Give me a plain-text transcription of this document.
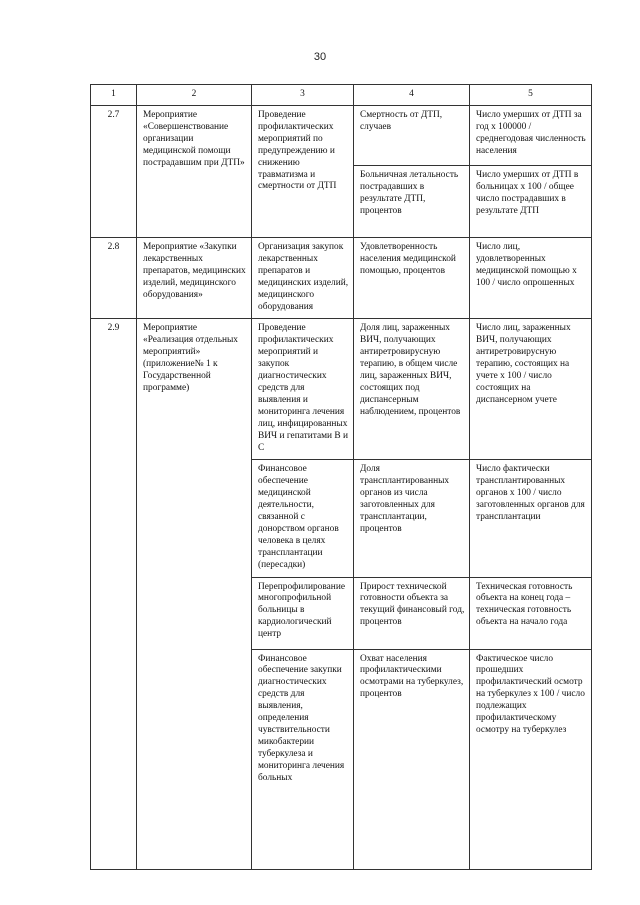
30
1	2	3	4	5
2.7	Мероприятие «Совершенствование организации медицинской помощи пострадавшим при ДТП»	Проведение профилактических мероприятий по предупреждению и снижению травматизма и смертности от ДТП	Смертность от ДТП, случаев	Число умерших от ДТП за год х 100000 / среднегодовая численность населения
			Больничная летальность пострадавших в результате ДТП, процентов	Число умерших от ДТП в больницах х 100 / общее число пострадавших в результате ДТП
2.8	Мероприятие «Закупки лекарственных препаратов, медицинских изделий, медицинского оборудования»	Организация закупок лекарственных препаратов и медицинских изделий, медицинского оборудования	Удовлетворенность населения медицинской помощью, процентов	Число лиц, удовлетворенных медицинской помощью х 100 / число опрошенных
2.9	Мероприятие «Реализация отдельных мероприятий» (приложение№ 1 к Государственной программе)	Проведение профилактических мероприятий и закупок диагностических средств для выявления и мониторинга лечения лиц, инфицированных ВИЧ и гепатитами В и С	Доля лиц, зараженных ВИЧ, получающих антиретровирусную терапию, в общем числе лиц, зараженных ВИЧ, состоящих под диспансерным наблюдением, процентов	Число лиц, зараженных ВИЧ, получающих антиретровирусную терапию, состоящих на учете х 100 / число состоящих на диспансерном учете
		Финансовое обеспечение медицинской деятельности, связанной с донорством органов человека в целях трансплантации (пересадки)	Доля трансплантированных органов из числа заготовленных для трансплантации, процентов	Число фактически трансплантированных органов х 100 / число заготовленных органов для трансплантации
		Перепрофилирование многопрофильной больницы в кардиологический центр	Прирост технической готовности объекта за текущий финансовый год, процентов	Техническая готовность объекта на конец года – техническая готовность объекта на начало года
		Финансовое обеспечение закупки диагностических средств для выявления, определения чувствительности микобактерии туберкулеза и мониторинга лечения больных	Охват населения профилактическими осмотрами на туберкулез, процентов	Фактическое число прошедших профилактический осмотр на туберкулез х 100 / число подлежащих профилактическому осмотру на туберкулез
